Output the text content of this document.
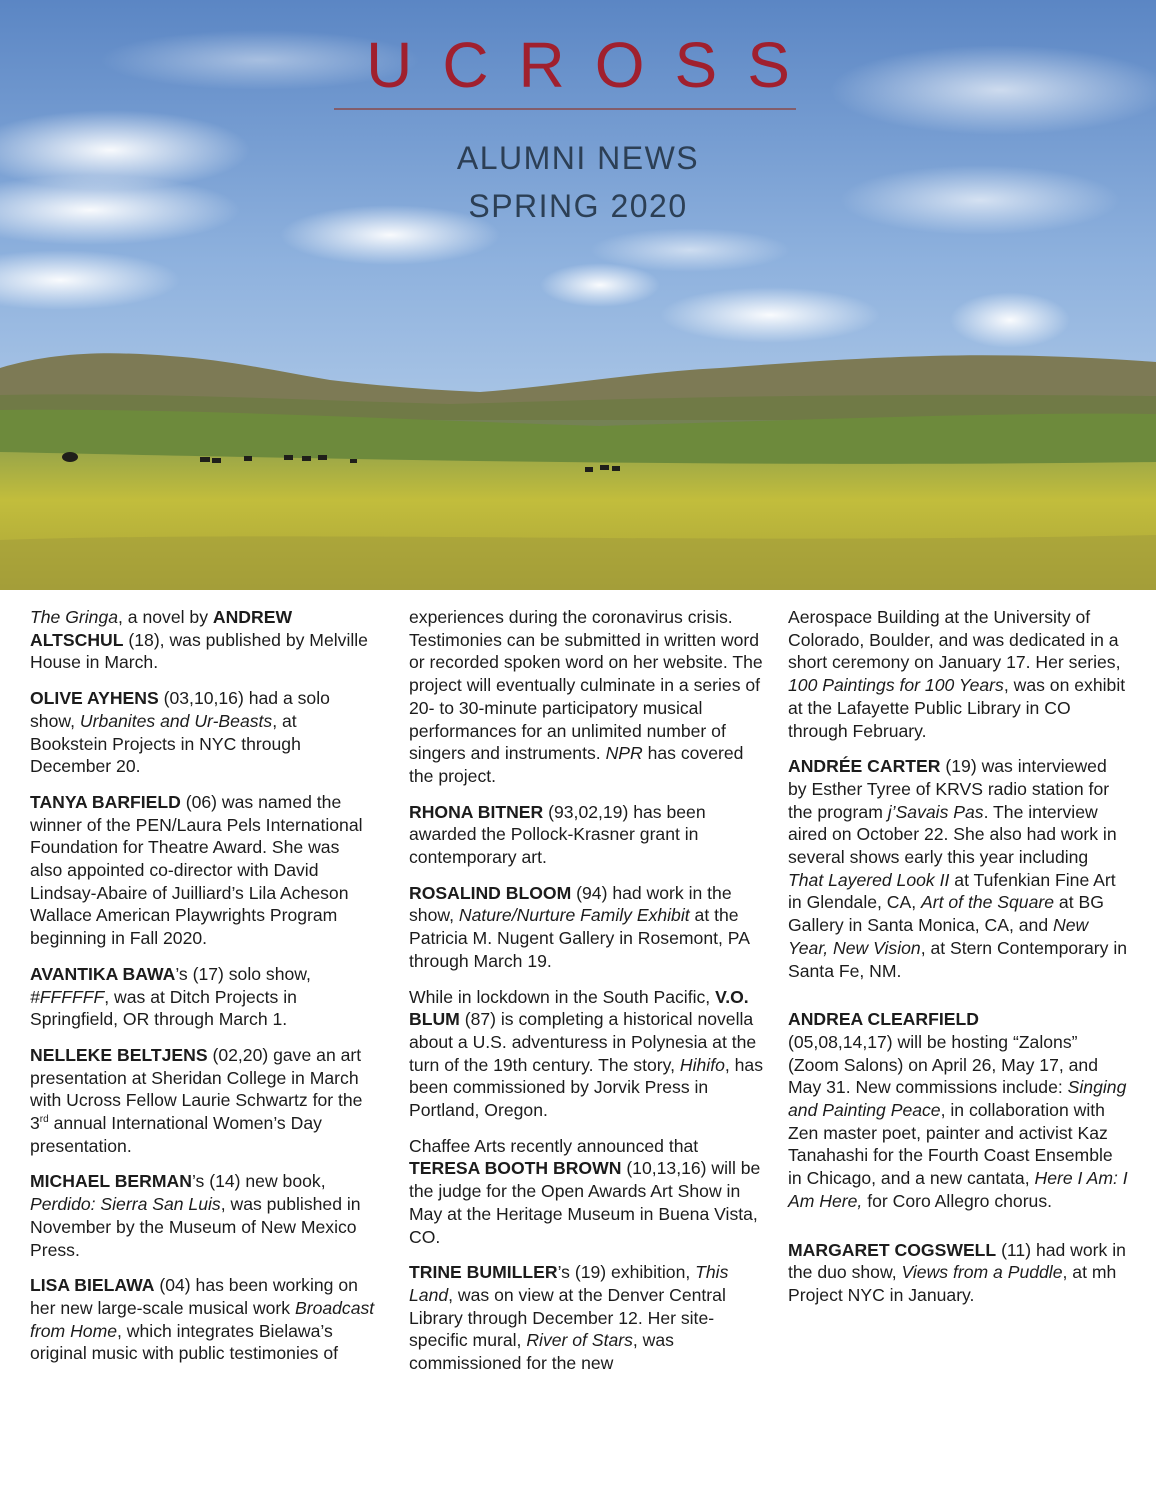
UCROSS
ALUMNI NEWS
SPRING 2020

The Gringa, a novel by ANDREW ALTSCHUL (18), was published by Melville House in March.

OLIVE AYHENS (03,10,16) had a solo show, Urbanites and Ur-Beasts, at Bookstein Projects in NYC through December 20.

TANYA BARFIELD (06) was named the winner of the PEN/Laura Pels International Foundation for Theatre Award. She was also appointed co-director with David Lindsay-Abaire of Juilliard’s Lila Acheson Wallace American Playwrights Program beginning in Fall 2020.

AVANTIKA BAWA’s (17) solo show, #FFFFFF, was at Ditch Projects in Springfield, OR through March 1.

NELLEKE BELTJENS (02,20) gave an art presentation at Sheridan College in March with Ucross Fellow Laurie Schwartz for the 3rd annual International Women’s Day presentation.

MICHAEL BERMAN’s (14) new book, Perdido: Sierra San Luis, was published in November by the Museum of New Mexico Press.

LISA BIELAWA (04) has been working on her new large-scale musical work Broadcast from Home, which integrates Bielawa’s original music with public testimonies of

experiences during the coronavirus crisis. Testimonies can be submitted in written word or recorded spoken word on her website. The project will eventually culminate in a series of 20- to 30-minute participatory musical performances for an unlimited number of singers and instruments. NPR has covered the project.

RHONA BITNER (93,02,19) has been awarded the Pollock-Krasner grant in contemporary art.

ROSALIND BLOOM (94) had work in the show, Nature/Nurture Family Exhibit at the Patricia M. Nugent Gallery in Rosemont, PA through March 19.

While in lockdown in the South Pacific, V.O. BLUM (87) is completing a historical novella about a U.S. adventuress in Polynesia at the turn of the 19th century. The story, Hihifo, has been commissioned by Jorvik Press in Portland, Oregon.

Chaffee Arts recently announced that TERESA BOOTH BROWN (10,13,16) will be the judge for the Open Awards Art Show in May at the Heritage Museum in Buena Vista, CO.

TRINE BUMILLER’s (19) exhibition, This Land, was on view at the Denver Central Library through December 12. Her site-specific mural, River of Stars, was commissioned for the new

Aerospace Building at the University of Colorado, Boulder, and was dedicated in a short ceremony on January 17. Her series, 100 Paintings for 100 Years, was on exhibit at the Lafayette Public Library in CO through February.

ANDRÉE CARTER (19) was interviewed by Esther Tyree of KRVS radio station for the program j’Savais Pas. The interview aired on October 22. She also had work in several shows early this year including That Layered Look II at Tufenkian Fine Art in Glendale, CA, Art of the Square at BG Gallery in Santa Monica, CA, and New Year, New Vision, at Stern Contemporary in Santa Fe, NM.

ANDREA CLEARFIELD
(05,08,14,17) will be hosting “Zalons” (Zoom Salons) on April 26, May 17, and May 31. New commissions include: Singing and Painting Peace, in collaboration with Zen master poet, painter and activist Kaz Tanahashi for the Fourth Coast Ensemble in Chicago, and a new cantata, Here I Am: I Am Here, for Coro Allegro chorus.

MARGARET COGSWELL (11) had work in the duo show, Views from a Puddle, at mh Project NYC in January.
